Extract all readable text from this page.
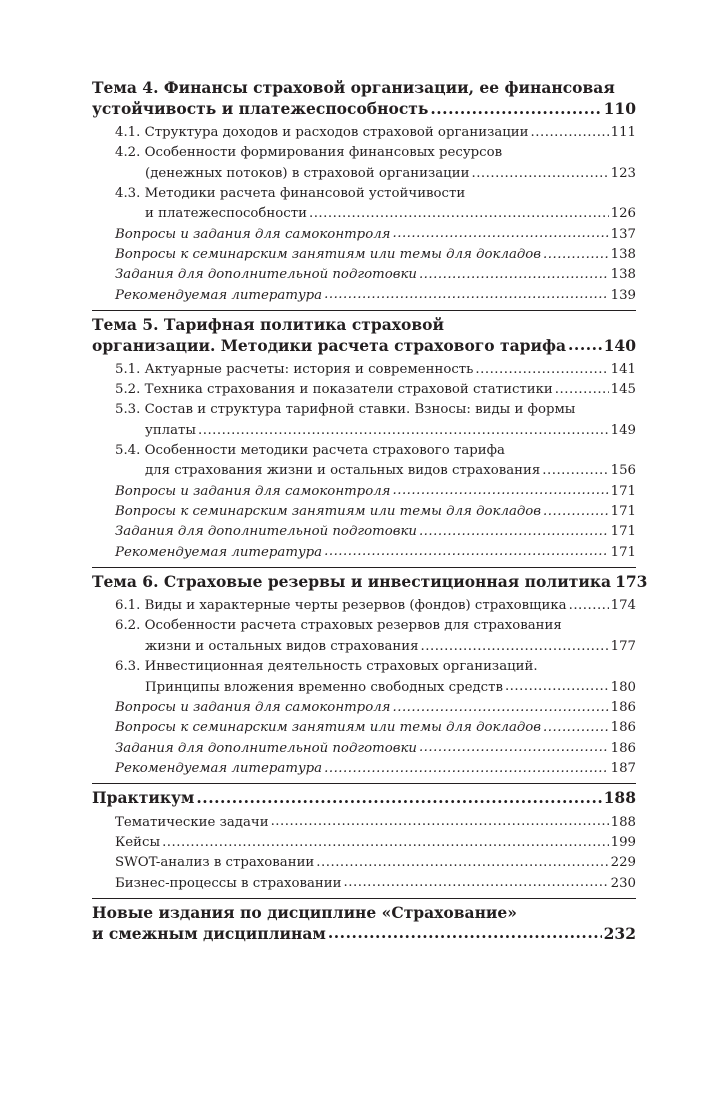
Тема 4. Финансы страховой организации, ее финансовая
устойчивость и платежеспособность .....	110
4.1. Структура доходов и расходов страховой организации .....	111
4.2. Особенности формирования финансовых ресурсов
(денежных потоков) в страховой организации .....	123
4.3. Методики расчета финансовой устойчивости
и платежеспособности .....	126
Вопросы и задания для самоконтроля .....	137
Вопросы к семинарским занятиям или темы для докладов .....	138
Задания для дополнительной подготовки .....	138
Рекомендуемая литература .....	139
Тема 5. Тарифная политика страховой
организации. Методики расчета страхового тарифа ..... 140
5.1. Актуарные расчеты: история и современность .....	141
5.2. Техника страхования и показатели страховой статистики .....	145
5.3. Состав и структура тарифной ставки. Взносы: виды и формы
уплаты .....	149
5.4. Особенности методики расчета страхового тарифа
для страхования жизни и остальных видов страхования .....	156
Вопросы и задания для самоконтроля .....	171
Вопросы к семинарским занятиям или темы для докладов .....	171
Задания для дополнительной подготовки .....	171
Рекомендуемая литература .....	171
Тема 6. Страховые резервы и инвестиционная политика 173
6.1. Виды и характерные черты резервов (фондов) страховщика .....	174
6.2. Особенности расчета страховых резервов для страхования
жизни и остальных видов страхования .....	177
6.3. Инвестиционная деятельность страховых организаций.
Принципы вложения временно свободных средств .....	180
Вопросы и задания для самоконтроля .....	186
Вопросы к семинарским занятиям или темы для докладов .....	186
Задания для дополнительной подготовки .....	186
Рекомендуемая литература .....	187
Практикум .....	188
Тематические задачи .....	188
Кейсы .....	199
SWOT-анализ в страховании .....	229
Бизнес-процессы в страховании .....	230
Новые издания по дисциплине «Страхование»
и смежным дисциплинам .....	232
